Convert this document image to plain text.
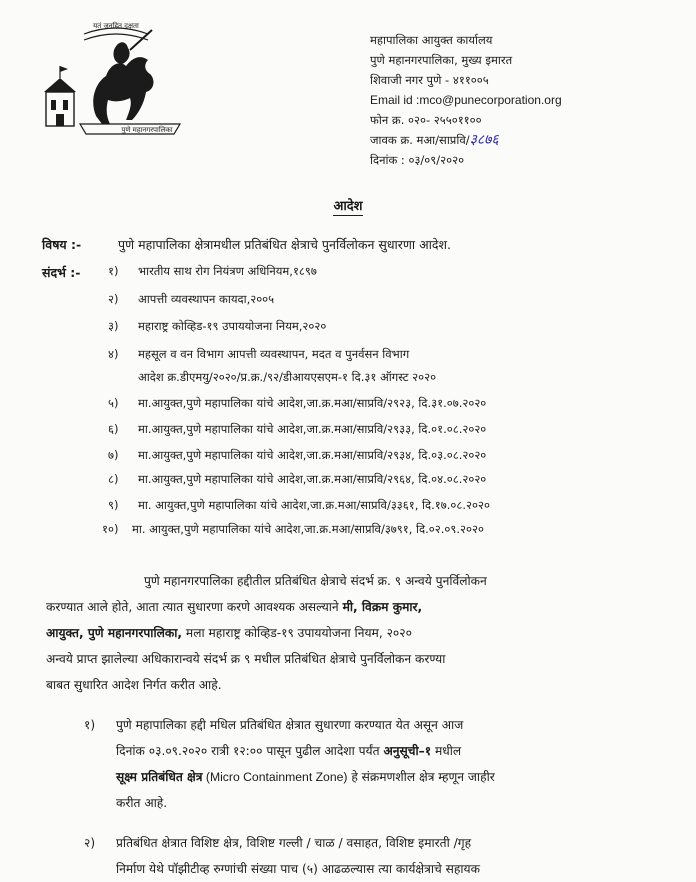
यतं जनहित दक्षता
पुणे महानगरपालिका
महापालिका आयुक्त कार्यालय
पुणे महानगरपालिका, मुख्य इमारत
शिवाजी नगर पुणे - ४११००५
Email id :mco@punecorporation.org
फोन क्र. ०२०- २५५०११००
जावक क्र. मआ/साप्रवि/३८७६
दिनांक : ०३/०९/२०२०
आदेश
विषय :-	पुणे महापालिका क्षेत्रामधील प्रतिबंधित क्षेत्राचे पुनर्विलोकन सुधारणा आदेश.
संदर्भ :- १) भारतीय साथ रोग नियंत्रण अधिनियम,१८९७
२) आपत्ती व्यवस्थापन कायदा,२००५
३) महाराष्ट्र कोव्हिड-१९ उपाययोजना नियम,२०२०
४) महसूल व वन विभाग आपत्ती व्यवस्थापन, मदत व पुनर्वसन विभाग
आदेश क्र.डीएमयु/२०२०/प्र.क्र./९२/डीआयएसएम-१ दि.३१ ऑगस्ट २०२०
५) मा.आयुक्त,पुणे महापालिका यांचे आदेश,जा.क्र.मआ/साप्रवि/२९२३, दि.३१.०७.२०२०
६) मा.आयुक्त,पुणे महापालिका यांचे आदेश,जा.क्र.मआ/साप्रवि/२९३३, दि.०१.०८.२०२०
७) मा.आयुक्त,पुणे महापालिका यांचे आदेश,जा.क्र.मआ/साप्रवि/२९३४, दि.०३.०८.२०२०
८) मा.आयुक्त,पुणे महापालिका यांचे आदेश,जा.क्र.मआ/साप्रवि/२९६४, दि.०४.०८.२०२०
९) मा. आयुक्त,पुणे महापालिका यांचे आदेश,जा.क्र.मआ/साप्रवि/३३६१, दि.१७.०८.२०२०
१०) मा. आयुक्त,पुणे महापालिका यांचे आदेश,जा.क्र.मआ/साप्रवि/३७९१, दि.०२.०९.२०२०
पुणे महानगरपालिका हद्दीतील प्रतिबंधित क्षेत्राचे संदर्भ क्र. ९ अन्वये पुनर्विलोकन
करण्यात आले होते, आता त्यात सुधारणा करणे आवश्यक असल्याने मी, विक्रम कुमार,
आयुक्त, पुणे महानगरपालिका, मला महाराष्ट्र कोव्हिड-१९ उपाययोजना नियम, २०२०
अन्वये प्राप्त झालेल्या अधिकारान्वये संदर्भ क्र ९ मधील प्रतिबंधित क्षेत्राचे पुनर्विलोकन करण्या
बाबत सुधारित आदेश निर्गत करीत आहे.
१) पुणे महापालिका हद्दी मधिल प्रतिबंधित क्षेत्रात सुधारणा करण्यात येत असून आज
दिनांक ०३.०९.२०२० रात्री १२:०० पासून पुढील आदेशा पर्यंत अनुसूची–१ मधील
सूक्ष्म प्रतिबंधित क्षेत्र (Micro Containment Zone) हे संक्रमणशील क्षेत्र म्हणून जाहीर
करीत आहे.
२) प्रतिबंधित क्षेत्रात विशिष्ट क्षेत्र, विशिष्ट गल्ली / चाळ / वसाहत, विशिष्ट इमारती /गृह
निर्माण येथे पॉझीटीव्ह रुग्णांची संख्या पाच (५) आढळल्यास त्या कार्यक्षेत्राचे सहायक
